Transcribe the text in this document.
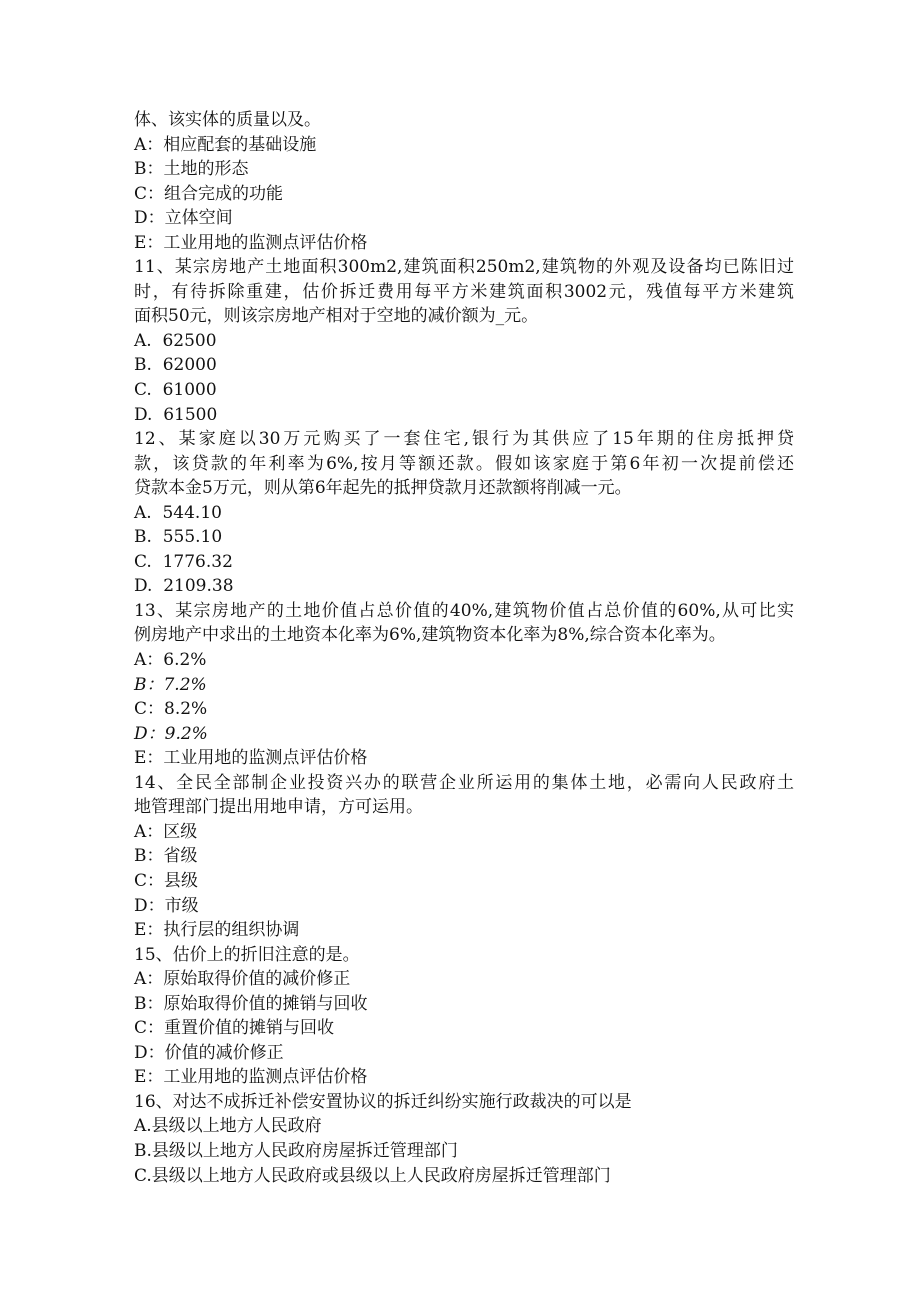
体、该实体的质量以及。

A：相应配套的基础设施

B：土地的形态

C：组合完成的功能

D：立体空间

E：工业用地的监测点评估价格

11、某宗房地产土地面积300m2,建筑面积250m2,建筑物的外观及设备均已陈旧过

时，有待拆除重建，估价拆迁费用每平方米建筑面积3002元，残值每平方米建筑

面积50元，则该宗房地产相对于空地的减价额为_元。

A.  62500

B.  62000

C.  61000

D.  61500

12、某家庭以30万元购买了一套住宅,银行为其供应了15年期的住房抵押贷

款，该贷款的年利率为6%,按月等额还款。假如该家庭于第6年初一次提前偿还

贷款本金5万元，则从第6年起先的抵押贷款月还款额将削减一元。

A.  544.10

B.  555.10

C.  1776.32

D.  2109.38

13、某宗房地产的土地价值占总价值的40%,建筑物价值占总价值的60%,从可比实

例房地产中求出的土地资本化率为6%,建筑物资本化率为8%,综合资本化率为。

A：6.2%

B：7.2%

C：8.2%

D：9.2%

E：工业用地的监测点评估价格

14、全民全部制企业投资兴办的联营企业所运用的集体土地，必需向人民政府土

地管理部门提出用地申请，方可运用。

A：区级

B：省级

C：县级

D：市级

E：执行层的组织协调

15、估价上的折旧注意的是。

A：原始取得价值的减价修正

B：原始取得价值的摊销与回收

C：重置价值的摊销与回收

D：价值的减价修正

E：工业用地的监测点评估价格

16、对达不成拆迁补偿安置协议的拆迁纠纷实施行政裁决的可以是

A.县级以上地方人民政府

B.县级以上地方人民政府房屋拆迁管理部门

C.县级以上地方人民政府或县级以上人民政府房屋拆迁管理部门
